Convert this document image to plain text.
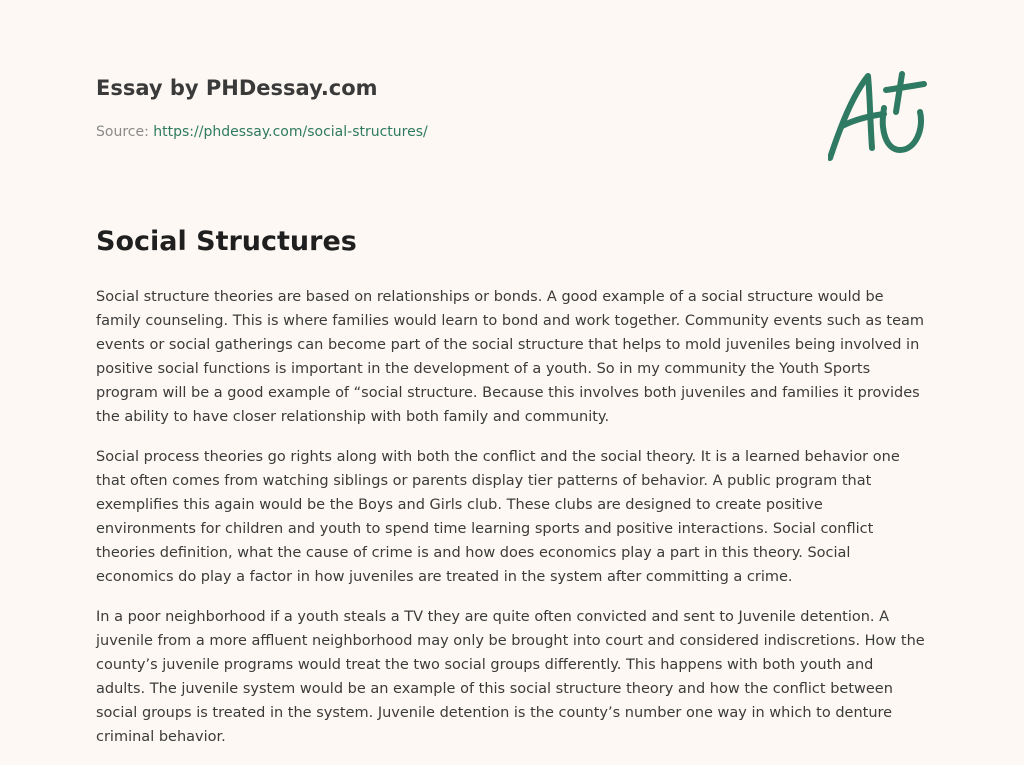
Essay by PHDessay.com
Source: https://phdessay.com/social-structures/
Social Structures

Social structure theories are based on relationships or bonds. A good example of a social structure would be family counseling. This is where families would learn to bond and work together. Community events such as team events or social gatherings can become part of the social structure that helps to mold juveniles being involved in positive social functions is important in the development of a youth. So in my community the Youth Sports program will be a good example of “social structure. Because this involves both juveniles and families it provides the ability to have closer relationship with both family and community.

Social process theories go rights along with both the conflict and the social theory. It is a learned behavior one that often comes from watching siblings or parents display tier patterns of behavior. A public program that exemplifies this again would be the Boys and Girls club. These clubs are designed to create positive environments for children and youth to spend time learning sports and positive interactions. Social conflict theories definition, what the cause of crime is and how does economics play a part in this theory. Social economics do play a factor in how juveniles are treated in the system after committing a crime.

In a poor neighborhood if a youth steals a TV they are quite often convicted and sent to Juvenile detention. A juvenile from a more affluent neighborhood may only be brought into court and considered indiscretions. How the county’s juvenile programs would treat the two social groups differently. This happens with both youth and adults. The juvenile system would be an example of this social structure theory and how the conflict between social groups is treated in the system. Juvenile detention is the county’s number one way in which to denture criminal behavior.
